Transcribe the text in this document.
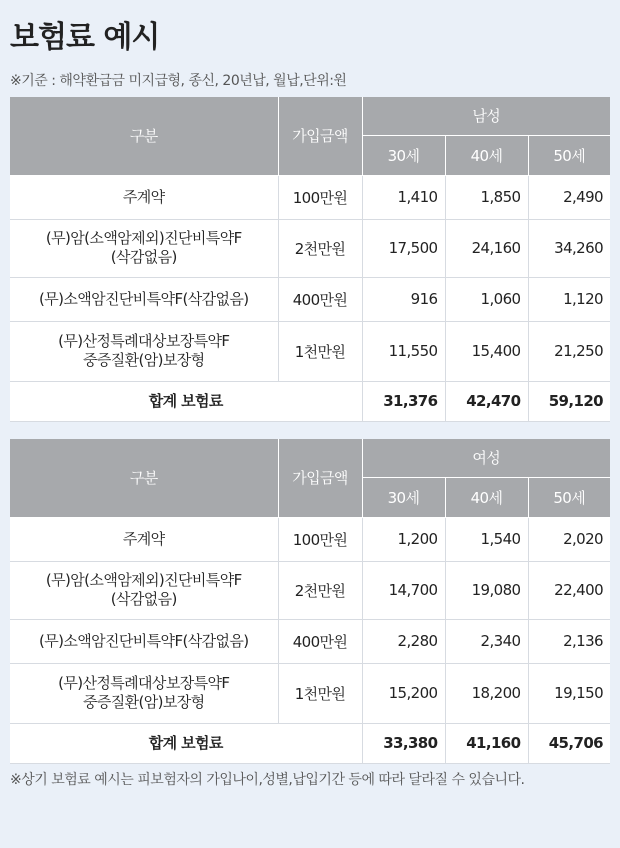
보험료 예시
※기준 : 해약환급금 미지급형, 종신, 20년납, 월납,단위:원
구분	가입금액	남성		
		30세	40세	50세

주계약	100만원	1,410	1,850	2,490

(무)암(소액암제외)진단비특약F
(삭감없음)	2천만원	17,500	24,160	34,260

(무)소액암진단비특약F(삭감없음)	400만원	916	1,060	1,120

(무)산정특례대상보장특약F
중증질환(암)보장형	1천만원	11,550	15,400	21,250
합계 보험료		31,376	42,470	59,120
구분	가입금액	여성		
		30세	40세	50세

주계약	100만원	1,200	1,540	2,020

(무)암(소액암제외)진단비특약F
(삭감없음)	2천만원	14,700	19,080	22,400

(무)소액암진단비특약F(삭감없음)	400만원	2,280	2,340	2,136

(무)산정특례대상보장특약F
중증질환(암)보장형	1천만원	15,200	18,200	19,150
합계 보험료		33,380	41,160	45,706
※상기 보험료 예시는 피보험자의 가입나이,성별,납입기간 등에 따라 달라질 수 있습니다.
